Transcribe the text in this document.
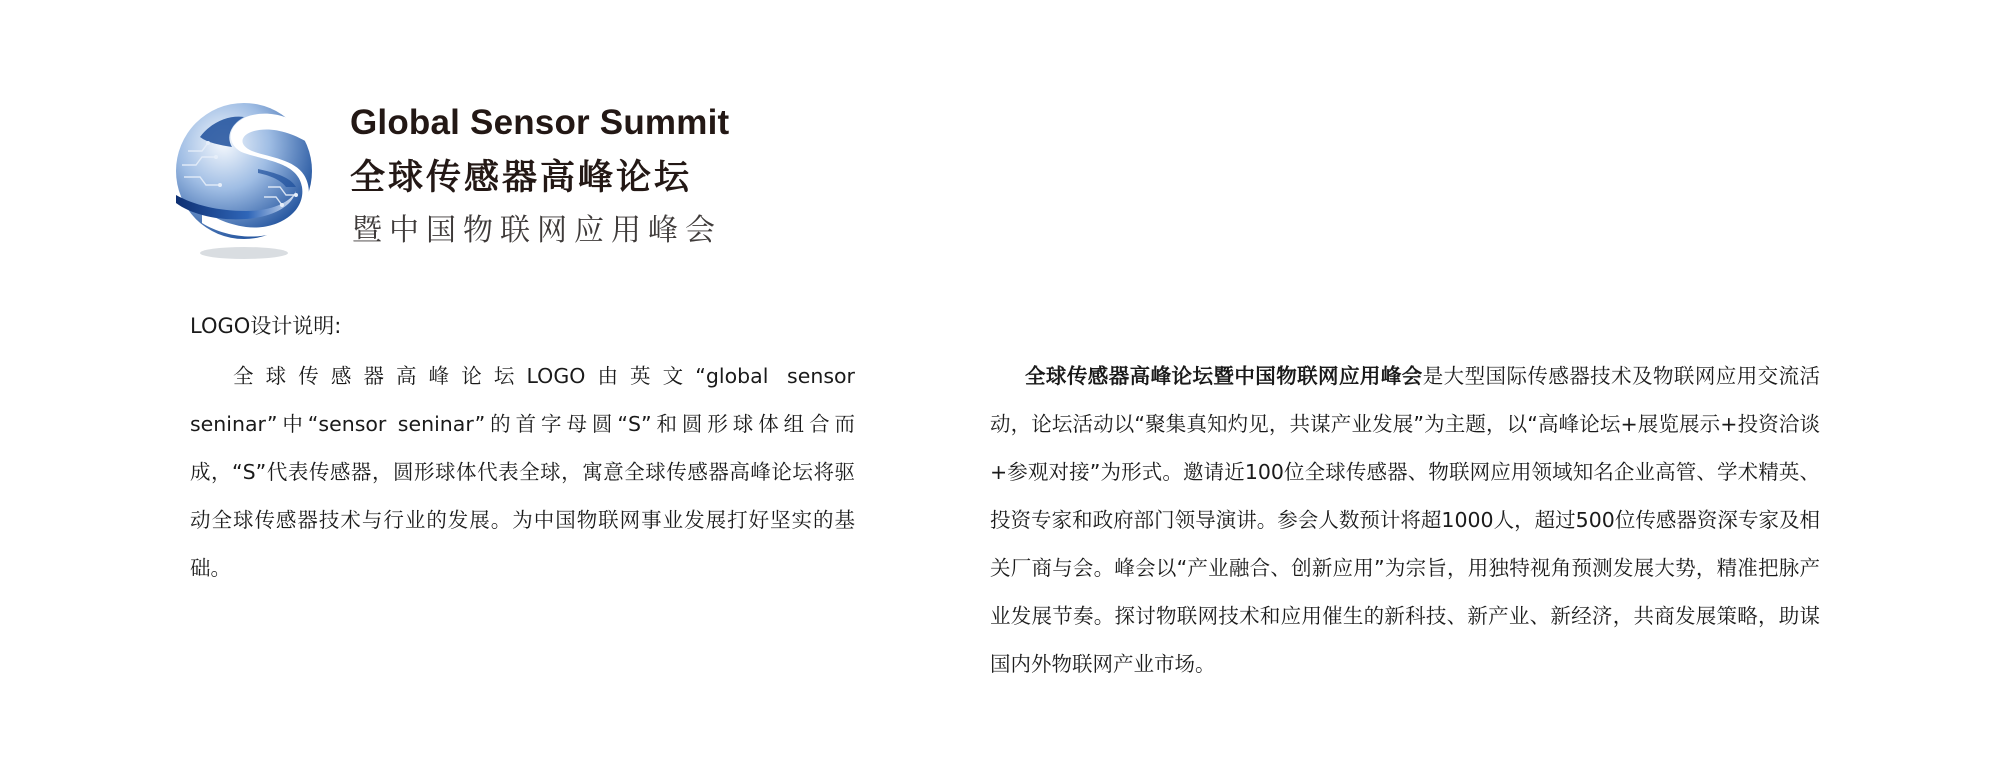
Global Sensor Summit
全球传感器高峰论坛
暨中国物联网应用峰会
LOGO设计说明:

全球传感器高峰论坛LOGO由英文“global sensor seninar”中“sensor seninar”的首字母圆“S”和圆形球体组合而成，“S”代表传感器，圆形球体代表全球，寓意全球传感器高峰论坛将驱动全球传感器技术与行业的发展。为中国物联网事业发展打好坚实的基础。

全球传感器高峰论坛暨中国物联网应用峰会是大型国际传感器技术及物联网应用交流活动，论坛活动以“聚集真知灼见，共谋产业发展”为主题，以“高峰论坛+展览展示+投资洽谈+参观对接”为形式。邀请近100位全球传感器、物联网应用领域知名企业高管、学术精英、投资专家和政府部门领导演讲。参会人数预计将超1000人，超过500位传感器资深专家及相关厂商与会。峰会以“产业融合、创新应用”为宗旨，用独特视角预测发展大势，精准把脉产业发展节奏。探讨物联网技术和应用催生的新科技、新产业、新经济，共商发展策略，助谋国内外物联网产业市场。
